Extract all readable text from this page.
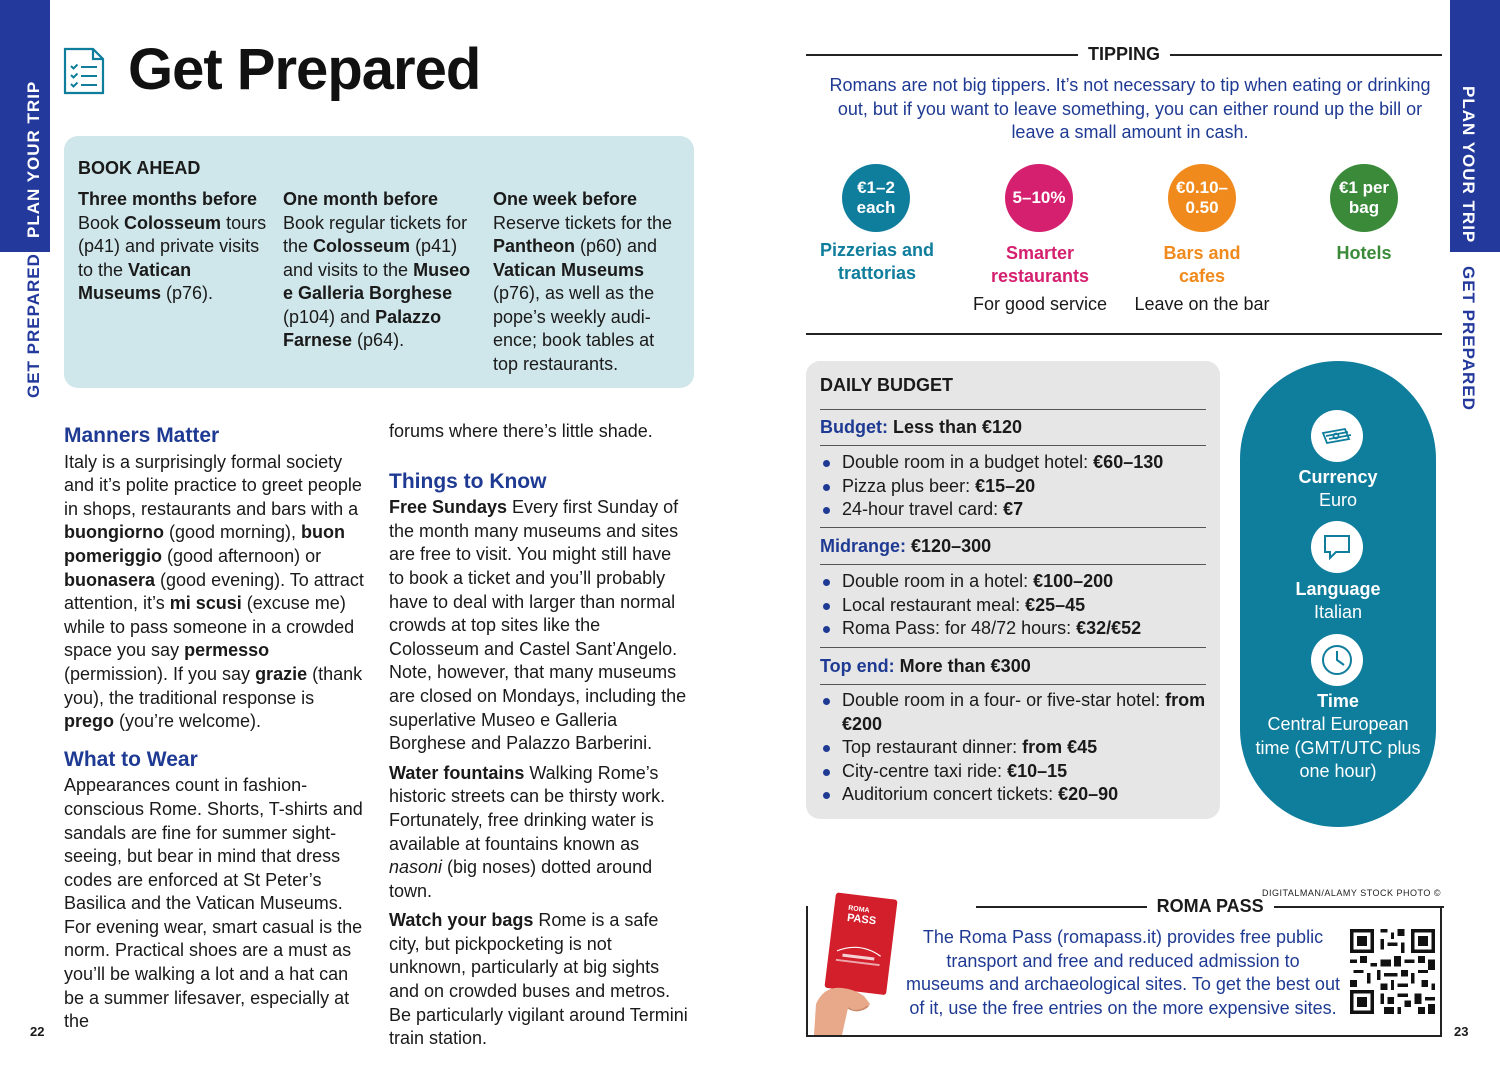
PLAN YOUR TRIP
GET PREPARED
PLAN YOUR TRIP
GET PREPARED
Get Prepared
BOOK AHEAD
Three months before
Book Colosseum tours (p41) and private visits to the Vatican Museums (p76).
One month before
Book regular tickets for the Colosseum (p41) and visits to the Museo e Galleria Borghese (p104) and Palazzo Farnese (p64).
One week before
Reserve tickets for the Pantheon (p60) and Vatican Museums (p76), as well as the pope’s weekly audience; book tables at top restaurants.
Manners Matter

Italy is a surprisingly formal society and it’s polite practice to greet people in shops, restaurants and bars with a buongiorno (good morning), buon pomeriggio (good afternoon) or buonasera (good evening). To attract attention, it’s mi scusi (excuse me) while to pass someone in a crowded space you say permesso (permission). If you say grazie (thank you), the traditional response is prego (you’re welcome).

What to Wear

Appearances count in fashion-conscious Rome. Shorts, T-shirts and sandals are fine for summer sightseeing, but bear in mind that dress codes are enforced at St Peter’s Basilica and the Vatican Museums. For evening wear, smart casual is the norm. Practical shoes are a must as you’ll be walking a lot and a hat can be a summer lifesaver, especially at the

forums where there’s little shade.

Things to Know

Free Sundays Every first Sunday of the month many museums and sites are free to visit. You might still have to book a ticket and you’ll probably have to deal with larger than normal crowds at top sites like the Colosseum and Castel Sant’Angelo. Note, however, that many museums are closed on Mondays, including the superlative Museo e Galleria Borghese and Palazzo Barberini.

Water fountains Walking Rome’s historic streets can be thirsty work. Fortunately, free drinking water is available at fountains known as nasoni (big noses) dotted around town.

Watch your bags Rome is a safe city, but pickpocketing is not unknown, particularly at big sights and on crowded buses and metros. Be particularly vigilant around Termini train station.

TIPPING
Romans are not big tippers. It’s not necessary to tip when eating or drinking out, but if you want to leave something, you can either round up the bill or leave a small amount in cash.
€1–2 each
5–10%
€0.10–0.50
€1 per bag
Pizzerias and trattorias
Smarter restaurants
Bars and cafes
Hotels
For good service	Leave on the bar
DAILY BUDGET
Budget: Less than €120
Double room in a budget hotel: €60–130
Pizza plus beer: €15–20
24-hour travel card: €7
Midrange: €120–300
Double room in a hotel: €100–200
Local restaurant meal: €25–45
Roma Pass: for 48/72 hours: €32/€52
Top end: More than €300
Double room in a four- or five-star hotel: from €200
Top restaurant dinner: from €45
City-centre taxi ride: €10–15
Auditorium concert tickets: €20–90
Currency
Euro
Language
Italian
Time
Central European time (GMT/UTC plus one hour)
DIGITALMAN/ALAMY STOCK PHOTO ©
ROMA PASS
ROMA
PASS
The Roma Pass (romapass.it) provides free public transport and free and reduced admission to museums and archaeological sites. To get the best out of it, use the free entries on the more expensive sites.
22	23
